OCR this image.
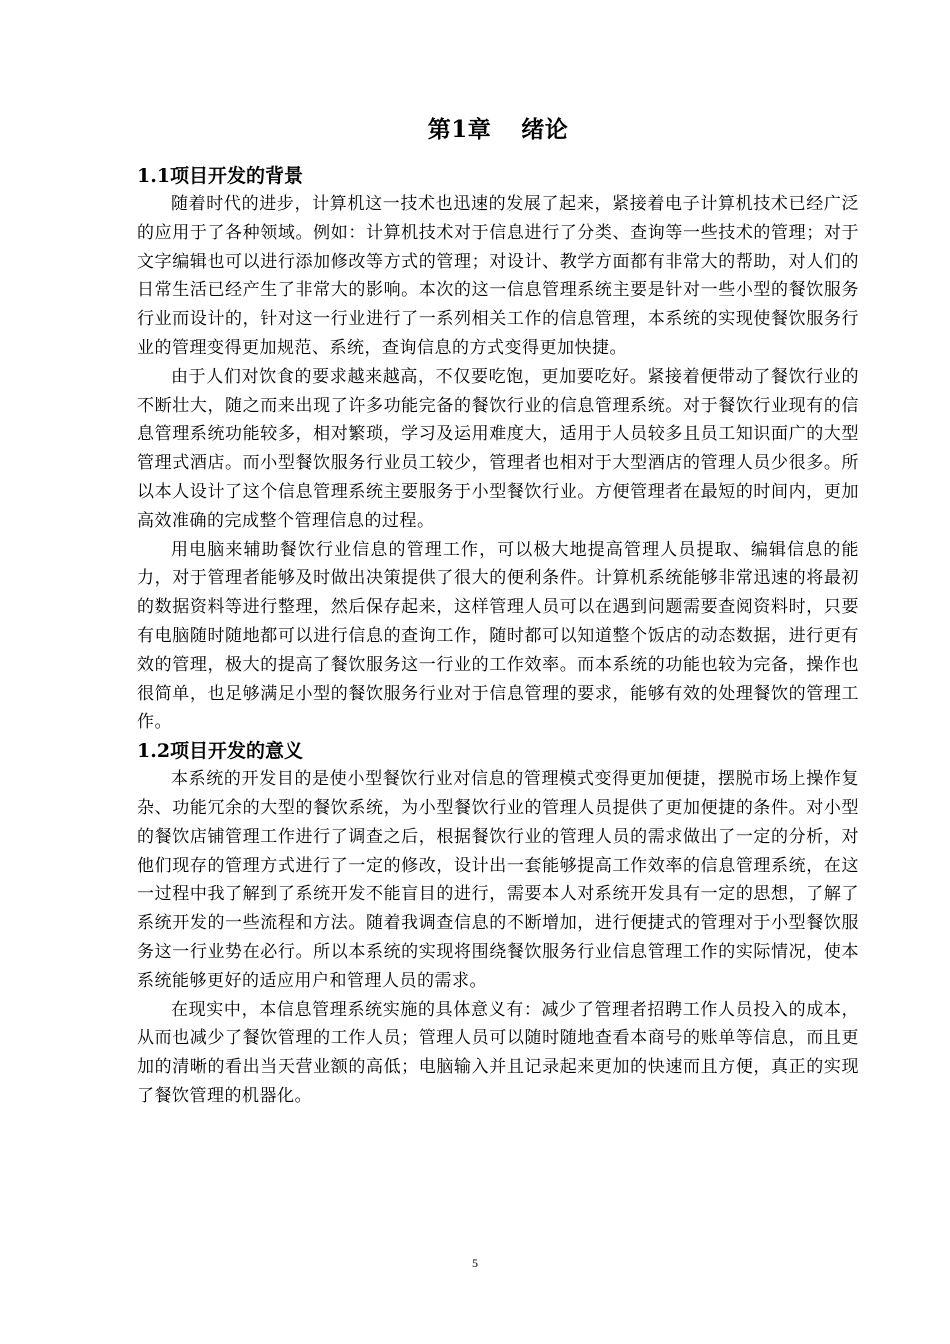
第1章 绪论
1.1项目开发的背景

随着时代的进步，计算机这一技术也迅速的发展了起来，紧接着电子计算机技术已经广泛的应用于了各种领域。例如：计算机技术对于信息进行了分类、查询等一些技术的管理；对于文字编辑也可以进行添加修改等方式的管理；对设计、教学方面都有非常大的帮助，对人们的日常生活已经产生了非常大的影响。本次的这一信息管理系统主要是针对一些小型的餐饮服务行业而设计的，针对这一行业进行了一系列相关工作的信息管理，本系统的实现使餐饮服务行业的管理变得更加规范、系统，查询信息的方式变得更加快捷。

由于人们对饮食的要求越来越高，不仅要吃饱，更加要吃好。紧接着便带动了餐饮行业的不断壮大，随之而来出现了许多功能完备的餐饮行业的信息管理系统。对于餐饮行业现有的信息管理系统功能较多，相对繁琐，学习及运用难度大，适用于人员较多且员工知识面广的大型管理式酒店。而小型餐饮服务行业员工较少，管理者也相对于大型酒店的管理人员少很多。所以本人设计了这个信息管理系统主要服务于小型餐饮行业。方便管理者在最短的时间内，更加高效准确的完成整个管理信息的过程。

用电脑来辅助餐饮行业信息的管理工作，可以极大地提高管理人员提取、编辑信息的能力，对于管理者能够及时做出决策提供了很大的便利条件。计算机系统能够非常迅速的将最初的数据资料等进行整理，然后保存起来，这样管理人员可以在遇到问题需要查阅资料时，只要有电脑随时随地都可以进行信息的查询工作，随时都可以知道整个饭店的动态数据，进行更有效的管理，极大的提高了餐饮服务这一行业的工作效率。而本系统的功能也较为完备，操作也很简单，也足够满足小型的餐饮服务行业对于信息管理的要求，能够有效的处理餐饮的管理工作。

1.2项目开发的意义

本系统的开发目的是使小型餐饮行业对信息的管理模式变得更加便捷，摆脱市场上操作复杂、功能冗余的大型的餐饮系统，为小型餐饮行业的管理人员提供了更加便捷的条件。对小型的餐饮店铺管理工作进行了调查之后，根据餐饮行业的管理人员的需求做出了一定的分析，对他们现存的管理方式进行了一定的修改，设计出一套能够提高工作效率的信息管理系统，在这一过程中我了解到了系统开发不能盲目的进行，需要本人对系统开发具有一定的思想，了解了系统开发的一些流程和方法。随着我调查信息的不断增加，进行便捷式的管理对于小型餐饮服务这一行业势在必行。所以本系统的实现将围绕餐饮服务行业信息管理工作的实际情况，使本系统能够更好的适应用户和管理人员的需求。

在现实中，本信息管理系统实施的具体意义有：减少了管理者招聘工作人员投入的成本，从而也减少了餐饮管理的工作人员；管理人员可以随时随地查看本商号的账单等信息，而且更加的清晰的看出当天营业额的高低；电脑输入并且记录起来更加的快速而且方便，真正的实现了餐饮管理的机器化。

5
